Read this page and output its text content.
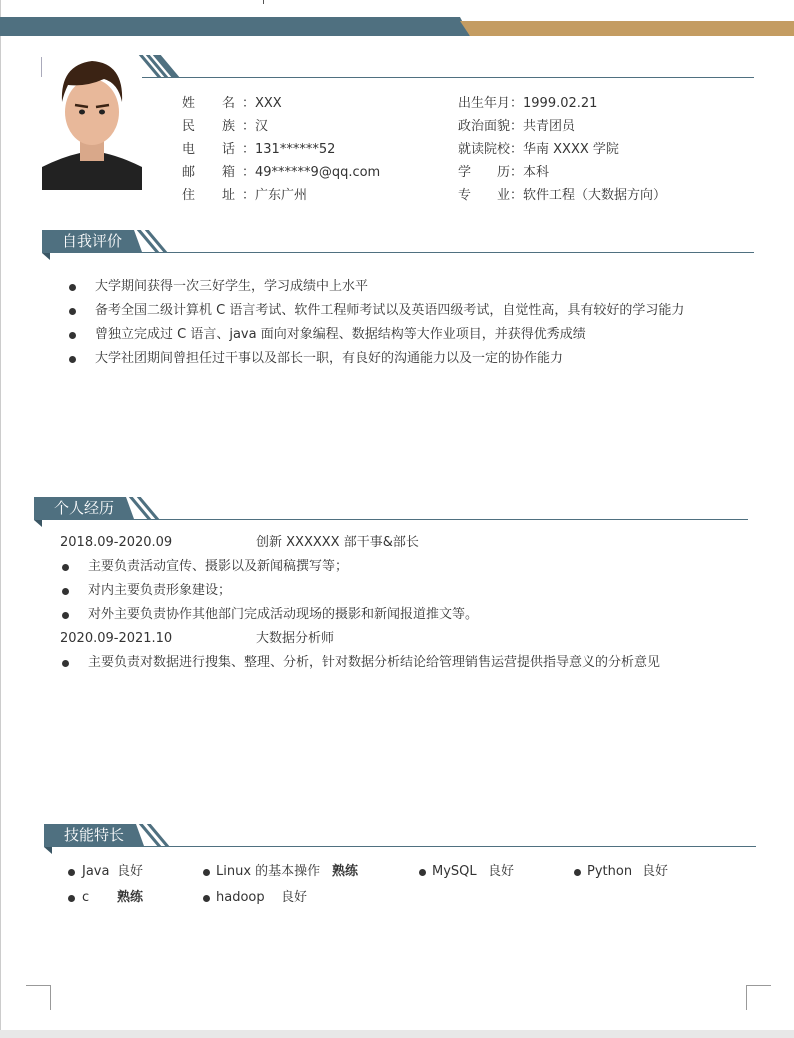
姓 名 ：XXX
民 族 ：汉
电 话 ：131******52
邮 箱 ：49******9@qq.com
住 址 ：广东广州
出生年月 ：1999.02.21
政治面貌 ：共青团员
就读院校 ：华南 XXXX 学院
学　　历 ：本科
专　　业 ：软件工程（大数据方向）
自我评价
大学期间获得一次三好学生，学习成绩中上水平
备考全国二级计算机 C 语言考试、软件工程师考试以及英语四级考试，自觉性高，具有较好的学习能力
曾独立完成过 C 语言、java 面向对象编程、数据结构等大作业项目，并获得优秀成绩
大学社团期间曾担任过干事以及部长一职，有良好的沟通能力以及一定的协作能力
个人经历
2018.09-2020.09	创新 XXXXXX 部干事&部长
主要负责活动宣传、摄影以及新闻稿撰写等；
对内主要负责形象建设；
对外主要负责协作其他部门完成活动现场的摄影和新闻报道推文等。
2020.09-2021.10	大数据分析师
主要负责对数据进行搜集、整理、分析，针对数据分析结论给管理销售运营提供指导意义的分析意见
技能特长
Java 良好	Linux 的基本操作 熟练	MySQL 良好	Python 良好
c 熟练	hadoop 良好
